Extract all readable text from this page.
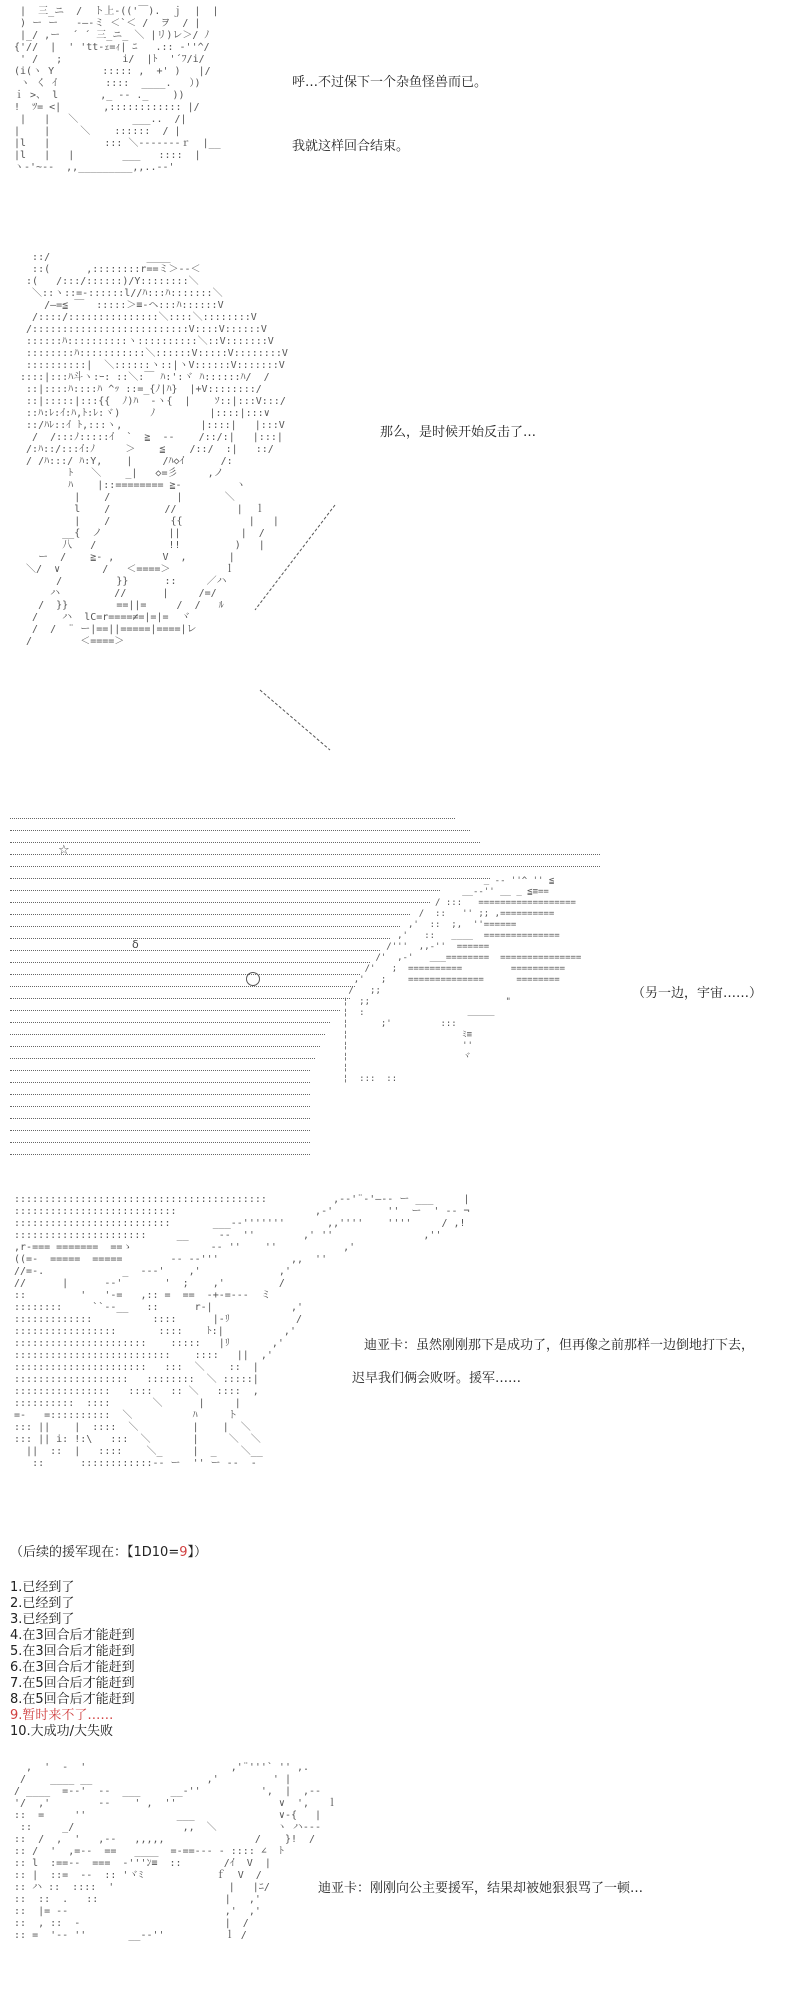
|  三_ニ  /  ト上-(('￣).  ｊ  |  |
) ー ー   -―-ミ ＜`＜ /  ヲ  / |
|_/ ,ー  ´ ´ 三_ニ_ ＼ |リ)レ＞/ ﾉ
{'//  |  ' 'tt-ｪ=ｨ| ﾆ   .:: -''^/
' /   ;          i/  |ﾄ  '´ﾌ/i/
(i(ヽ Y        ::::: ,  +' )   |/
ヽ く ｲ        ::::  ____.   ）)
ｉ >、 l       ,_ -- ._    ))
!  ﾂ= <|       ,:::::::::::: |/
|   |   ＼         ___..  /|
|    |     ＼    ::::::  / |
|l   |         ::: ＼-------ｒ  |__
|l   |   |        ___   ::::  |
ヽ-'~--  ,,_________,,..--'

呼…不过保下一个杂鱼怪兽而已。

我就这样回合结束。

::/                ____
::(      ,::::::::r==ミ＞-‐＜
:(   /:::/::::::)/Y::::::::＼
＼::ヽ::=-::::::l//ﾊ:::ﾊ:::::::＼
/―=≦ ￣  :::::＞≡-ヘ:::ﾊ::::::V
/::::/:::::::::::::::＼::::＼::::::::V
/::::::::::::::::::::::::::V::::V::::::V
::::::ﾊ::::::::::ヽ::::::::::＼::V:::::::V
::::::::ﾊ:::::::::::＼::::::V:::::V::::::::V
::::::::::|  ＼::::::ヽ::|ヽV::::::V:::::::V
::::|:::ﾊ斗ヽ:ｰ: ::＼:￣ ﾊ:':ヾ ﾊ::::::ﾊ/  /
::|::::ﾊ::::ﾊ ^ｯ ::=_{ﾉ|ﾊ}  |+V::::::::/
::|:::::|:::{{  ﾉ)ﾊ  -ヽ{  |    ｿ::|:::V:::/
::ﾊ:ﾚ:ｲ:ﾊ,ﾄ:ﾚ:ヾ)     ﾉ         |::::|:::∨
::/ﾊﾚ::ｲ ﾄ,:::ヽ,             |::::|   |:::V
/  /:::ﾉ:::::ｲ  `  ≧  -‐    /::/:|   |:::|
/:ﾊ::/:::ｲ:ﾉ     ＞    ≦    /::/  :|   ::/
/ /ﾊ:::/ ﾊ:Y,    |     /ﾊ◇ｲ      /:
ﾄ   ＼    _|   ◇=彡     ,ノ
ﾊ    |::======== ≧-         ヽ
|    /           |       ＼
l    /         //          |  ｌ
|    /          {{           |   |
__{  ノ           ||          |  /
八   /            !!         )   |
ー  /    ≧- ,        V  ,       |
＼/  ∨       /   ＜====＞         ｌ
/         }}      ::     ／ハ
ハ         //      |     /=/
/  }}        ==||=     /  /   ﾙ
/    ハ  lC=r====≠=|=|=  ヾ
/  /  ¨ ー|==||=====|====|レ
/        ＜====＞

那么，是时候开始反击了…

☆
δ
_ -‐ ''^ '' ≦
__-‐'' __ _ ≦≡==
/ :::   ==================
/  ::   '' ;; ,==========
,'  ::  ;,  ''======
,'   ::   ____  ==============
/'''  ,,-''  ======
/'  ,-'   ___========  ===============
/'   ;  ==========         ==========
,'   ;    ==============      ========
/   ;;
¦  ;;                         "
¦  :                   ＿＿＿
¦      ;'         :::
¦                     ﾐ≡
¦                     ''
¦                     ヾ
¦
¦  :::  ::

（另一边，宇宙……）

::::::::::::::::::::::::::::::::::::::::::           ,--'¨-'―-- ー ___     |
:::::::::::::::::::::::::::                       ,-'         ''  ー  ' -- ¬
::::::::::::::::::::::::::       ___--'''''''       ,,''''    ''''     / ,!
::::::::::::::::::::::     __     --  ''        ,' ''               ,''
,r-=== =======  ==ゝ             -‐ ''    ''           ,'
((=-  =====  =====        -- ‐‐'''            ,,  ''
//=-.             _  --‐'    ,'             ,'
//      |      --'       '  ;    ,'         /
::         '   '-=   ,:: =  ==  ‐+-=‐‐‐  ミ
::::::::     ``--__   ::      r-|             ,'
:::::::::::::          ::::      |-ﾘ           /
:::::::::::::::::       ::::    ﾄ:|          ,'
::::::::::::::::::::::    :::::   |ﾘ       ,'
::::::::::::::::::::::::::    ::::   ||  ,'
::::::::::::::::::::::   :::  ＼    ::  |
:::::::::::::::::::   ::::::::  ＼ :::::|
::::::::::::::::   ::::   :: ＼   ::::  ,
::::::::::  ::::       ＼      |     |
=-   =::::::::::  ＼          ﾊ     ト
::: ||    |  ::::  ＼         |    |  ＼
::: || i: !:\   :::  ＼       |     ＼  ＼
||  ::  |   ::::    ＼_     |  _    ＼__
::      ::::::::::::‐‐ ー  '' ー ‐‐  -

迪亚卡：虽然刚刚那下是成功了，但再像之前那样一边倒地打下去，

迟早我们俩会败呀。援军……

（后续的援军现在：【1D10=9】）

1.已经到了

2.已经到了

3.已经到了

4.在3回合后才能赶到

5.在3回合后才能赶到

6.在3回合后才能赶到

7.在5回合后才能赶到

8.在5回合后才能赶到

9.暂时来不了……

10.大成功/大失败

,  '  -  '                        ,'¨'''` '' ,.
/    ____ __                   ,'         ' |
/ ____  =-‐'  ‐-  ___     __-''          ',  |  ,--
'/  ,'        ‐-    ' ,  ''                 ∨  ',   ｌ
::  =     ''               ___              ∨-{   |
::     _/                  ,,  ＼          ヽ ハ--‐
::  /  ,  '   ,--   ,,,,,               /    }!  /
:: /  '  ,=--  ==   ____  =-==‐-‐ - :::: ∠  ﾄ
:: l  :==--  ===  ‐'''ﾝ≡  ::       /ｲ  V  |
:: |  ::=  ‐‐  :: 'ヾﾐ            ｆ  V  /
:: ハ ::  ::::  '                   |   |ﾆ/
::  ::  .   ::                     |   ,'
::  |= --                          ,'  ,'
::  , ::  ‐                        |  /
:: =  '-- ''       __--''          ｌ /

迪亚卡：刚刚向公主要援军，结果却被她狠狠骂了一顿…
